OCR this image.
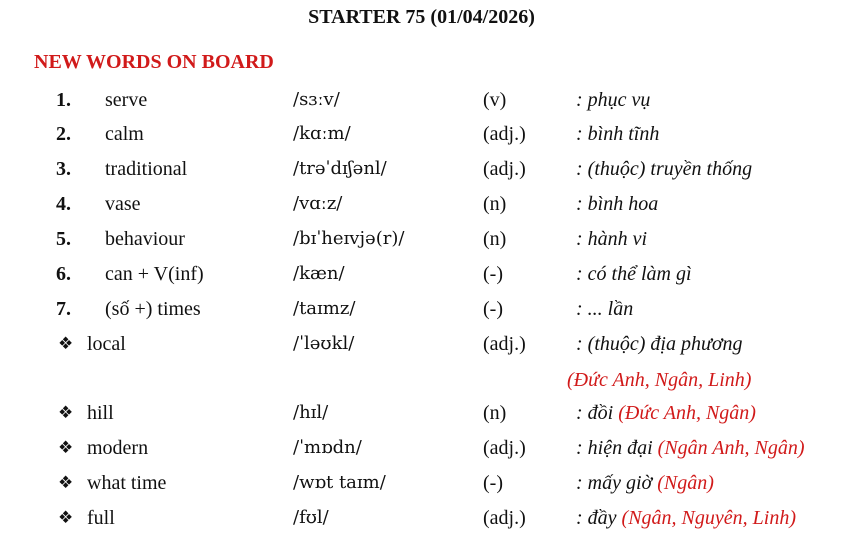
STARTER 75 (01/04/2026)
NEW WORDS ON BOARD
1. serve	/sɜːv/	(v)	: phục vụ
2. calm	/kɑːm/	(adj.)	: bình tĩnh
3. traditional	/trəˈdɪʃənl/	(adj.)	: (thuộc) truyền thống
4. vase	/vɑːz/	(n)	: bình hoa
5. behaviour	/bɪˈheɪvjə(r)/	(n)	: hành vi
6. can + V(inf)	/kæn/	(-)	: có thể làm gì
7. (số +) times	/taɪmz/	(-)	: ... lần
❖ local	/ˈləʊkl/	(adj.)	: (thuộc) địa phương
(Đức Anh, Ngân, Linh)
❖ hill	/hɪl/	(n)	: đồi (Đức Anh, Ngân)
❖ modern	/ˈmɒdn/	(adj.)	: hiện đại (Ngân Anh, Ngân)
❖ what time	/wɒt taɪm/	(-)	: mấy giờ (Ngân)
❖ full	/fʊl/	(adj.)	: đầy (Ngân, Nguyên, Linh)
